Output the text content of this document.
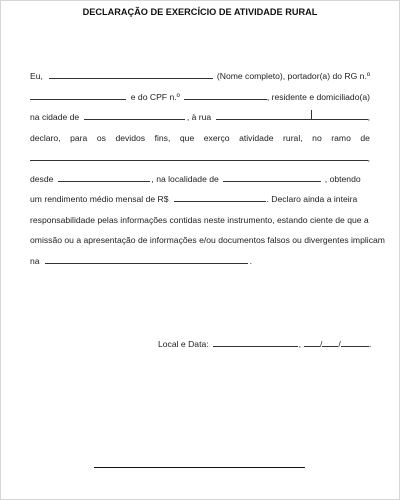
DECLARAÇÃO DE EXERCÍCIO DE ATIVIDADE RURAL
Eu,	(Nome completo), portador(a) do RG n.º
e do CPF n.º	, residente e domiciliado(a)
na cidade de	, à rua	,
declaro, para os devidos fins, que exerço atividade rural, no ramo de
,
desde	, na localidade de	, obtendo
um rendimento médio mensal de R$	. Declaro ainda a inteira
responsabilidade pelas informações contidas neste instrumento, estando ciente de que a
omissão ou a apresentação de informações e/ou documentos falsos ou divergentes implicam
na	.
Local e Data:	, / /	.
